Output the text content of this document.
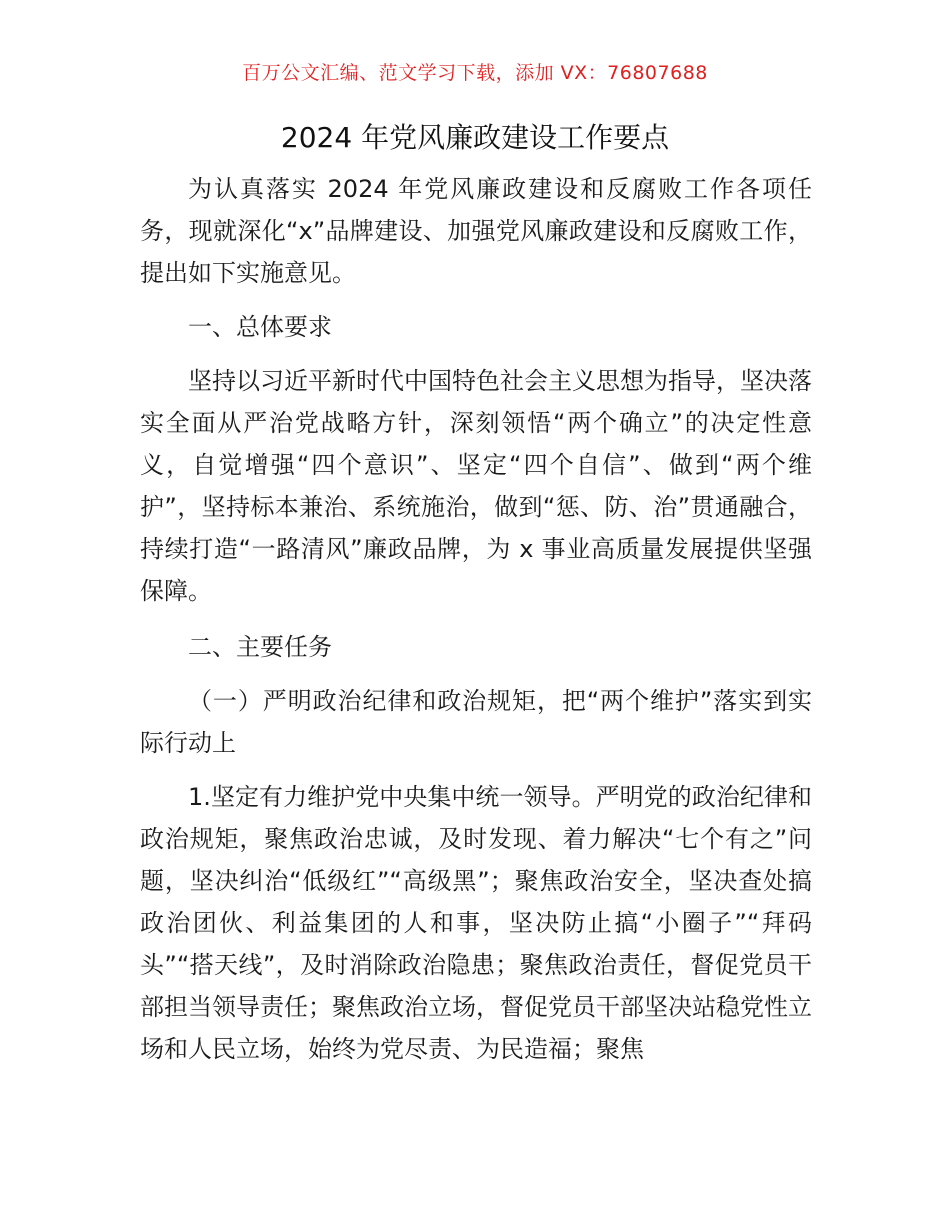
百万公文汇编、范文学习下载，添加 VX：76807688
2024 年党风廉政建设工作要点

为认真落实 2024 年党风廉政建设和反腐败工作各项任务，现就深化“x”品牌建设、加强党风廉政建设和反腐败工作，提出如下实施意见。

一、总体要求

坚持以习近平新时代中国特色社会主义思想为指导，坚决落实全面从严治党战略方针，深刻领悟“两个确立”的决定性意义，自觉增强“四个意识”、坚定“四个自信”、做到“两个维护”，坚持标本兼治、系统施治，做到“惩、防、治”贯通融合，持续打造“一路清风”廉政品牌，为 x 事业高质量发展提供坚强保障。

二、主要任务

（一）严明政治纪律和政治规矩，把“两个维护”落实到实际行动上

1.坚定有力维护党中央集中统一领导。严明党的政治纪律和政治规矩，聚焦政治忠诚，及时发现、着力解决“七个有之”问题，坚决纠治“低级红”“高级黑”；聚焦政治安全，坚决查处搞政治团伙、利益集团的人和事，坚决防止搞“小圈子”“拜码头”“搭天线”，及时消除政治隐患；聚焦政治责任，督促党员干部担当领导责任；聚焦政治立场，督促党员干部坚决站稳党性立场和人民立场，始终为党尽责、为民造福；聚焦
